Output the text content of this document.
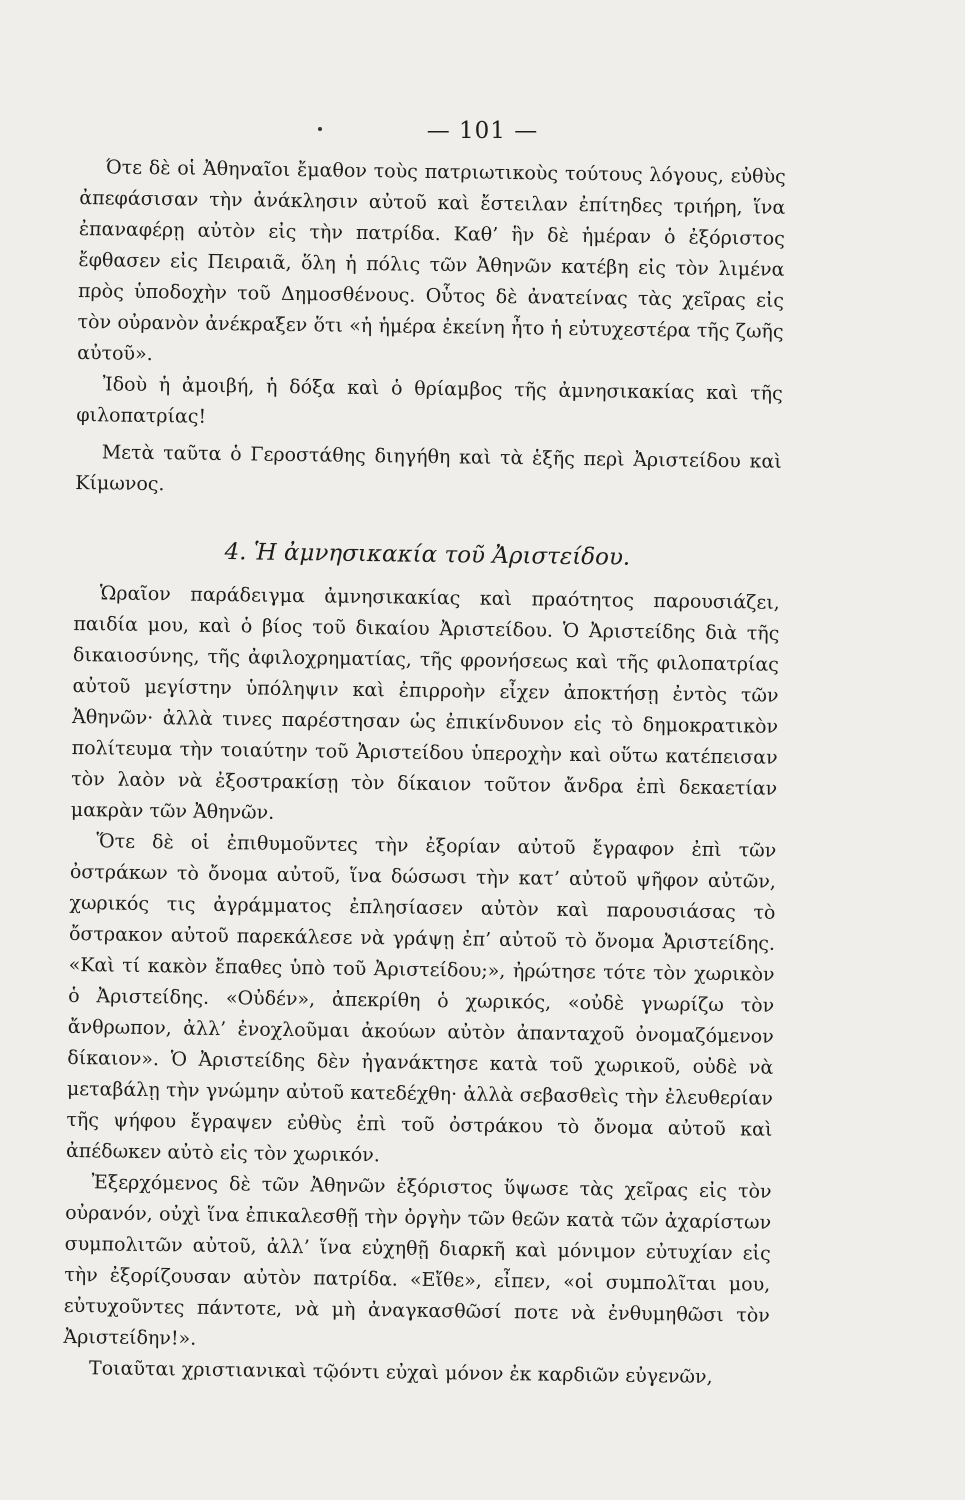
— 101 —

Ότε δὲ οἱ Ἀθηναῖοι ἔμαθον τοὺς πατριωτικοὺς τούτους λόγους, εὐθὺς ἀπεφάσισαν τὴν ἀνάκλησιν αὐτοῦ καὶ ἔστειλαν ἐπίτηδες τριήρη, ἵνα ἐπαναφέρῃ αὐτὸν εἰς τὴν πατρίδα. Καθ’ ἣν δὲ ἡμέραν ὁ ἐξόριστος ἔφθασεν εἰς Πειραιᾶ, ὅλη ἡ πόλις τῶν Ἀθηνῶν κατέβη εἰς τὸν λιμένα πρὸς ὑποδοχὴν τοῦ Δημοσθένους. Οὗτος δὲ ἀνατείνας τὰς χεῖρας εἰς τὸν οὐρανὸν ἀνέκραξεν ὅτι «ἡ ἡμέρα ἐκείνη ἦτο ἡ εὐτυχεστέρα τῆς ζωῆς αὐτοῦ».

Ἰδοὺ ἡ ἀμοιβή, ἡ δόξα καὶ ὁ θρίαμβος τῆς ἀμνησικακίας καὶ τῆς φιλοπατρίας!

Μετὰ ταῦτα ὁ Γεροστάθης διηγήθη καὶ τὰ ἑξῆς περὶ Ἀριστείδου καὶ Κίμωνος.

4. Ἡ ἀμνησικακία τοῦ Ἀριστείδου.

Ὡραῖον παράδειγμα ἀμνησικακίας καὶ πραότητος παρουσιάζει, παιδία μου, καὶ ὁ βίος τοῦ δικαίου Ἀριστείδου. Ὁ Ἀριστείδης διὰ τῆς δικαιοσύνης, τῆς ἀφιλοχρηματίας, τῆς φρονήσεως καὶ τῆς φιλοπατρίας αὐτοῦ μεγίστην ὑπόληψιν καὶ ἐπιρροὴν εἶχεν ἀποκτήσῃ ἐντὸς τῶν Ἀθηνῶν· ἀλλὰ τινες παρέστησαν ὡς ἐπικίνδυνον εἰς τὸ δημοκρατικὸν πολίτευμα τὴν τοιαύτην τοῦ Ἀριστείδου ὑπεροχὴν καὶ οὕτω κατέπεισαν τὸν λαὸν νὰ ἐξοστρακίσῃ τὸν δίκαιον τοῦτον ἄνδρα ἐπὶ δεκαετίαν μακρὰν τῶν Ἀθηνῶν.

Ὅτε δὲ οἱ ἐπιθυμοῦντες τὴν ἐξορίαν αὐτοῦ ἔγραφον ἐπὶ τῶν ὀστράκων τὸ ὄνομα αὐτοῦ, ἵνα δώσωσι τὴν κατ’ αὐτοῦ ψῆφον αὐτῶν, χωρικός τις ἀγράμματος ἐπλησίασεν αὐτὸν καὶ παρουσιάσας τὸ ὄστρακον αὐτοῦ παρεκάλεσε νὰ γράψῃ ἐπ’ αὐτοῦ τὸ ὄνομα Ἀριστείδης. «Καὶ τί κακὸν ἔπαθες ὑπὸ τοῦ Ἀριστείδου;», ἠρώτησε τότε τὸν χωρικὸν ὁ Ἀριστείδης. «Οὐδέν», ἀπεκρίθη ὁ χωρικός, «οὐδὲ γνωρίζω τὸν ἄνθρωπον, ἀλλ’ ἐνοχλοῦμαι ἀκούων αὐτὸν ἀπανταχοῦ ὀνομαζόμενον δίκαιον». Ὁ Ἀριστείδης δὲν ἠγανάκτησε κατὰ τοῦ χωρικοῦ, οὐδὲ νὰ μεταβάλῃ τὴν γνώμην αὐτοῦ κατεδέχθη· ἀλλὰ σεβασθεὶς τὴν ἐλευθερίαν τῆς ψήφου ἔγραψεν εὐθὺς ἐπὶ τοῦ ὀστράκου τὸ ὄνομα αὐτοῦ καὶ ἀπέδωκεν αὐτὸ εἰς τὸν χωρικόν.

Ἐξερχόμενος δὲ τῶν Ἀθηνῶν ἐξόριστος ὕψωσε τὰς χεῖρας εἰς τὸν οὐρανόν, οὐχὶ ἵνα ἐπικαλεσθῇ τὴν ὀργὴν τῶν θεῶν κατὰ τῶν ἀχαρίστων συμπολιτῶν αὐτοῦ, ἀλλ’ ἵνα εὐχηθῇ διαρκῆ καὶ μόνιμον εὐτυχίαν εἰς τὴν ἐξορίζουσαν αὐτὸν πατρίδα. «Εἴθε», εἶπεν, «οἱ συμπολῖται μου, εὐτυχοῦντες πάντοτε, νὰ μὴ ἀναγκασθῶσί ποτε νὰ ἐνθυμηθῶσι τὸν Ἀριστείδην!».

Τοιαῦται χριστιανικαὶ τῷόντι εὐχαὶ μόνον ἐκ καρδιῶν εὐγενῶν,
